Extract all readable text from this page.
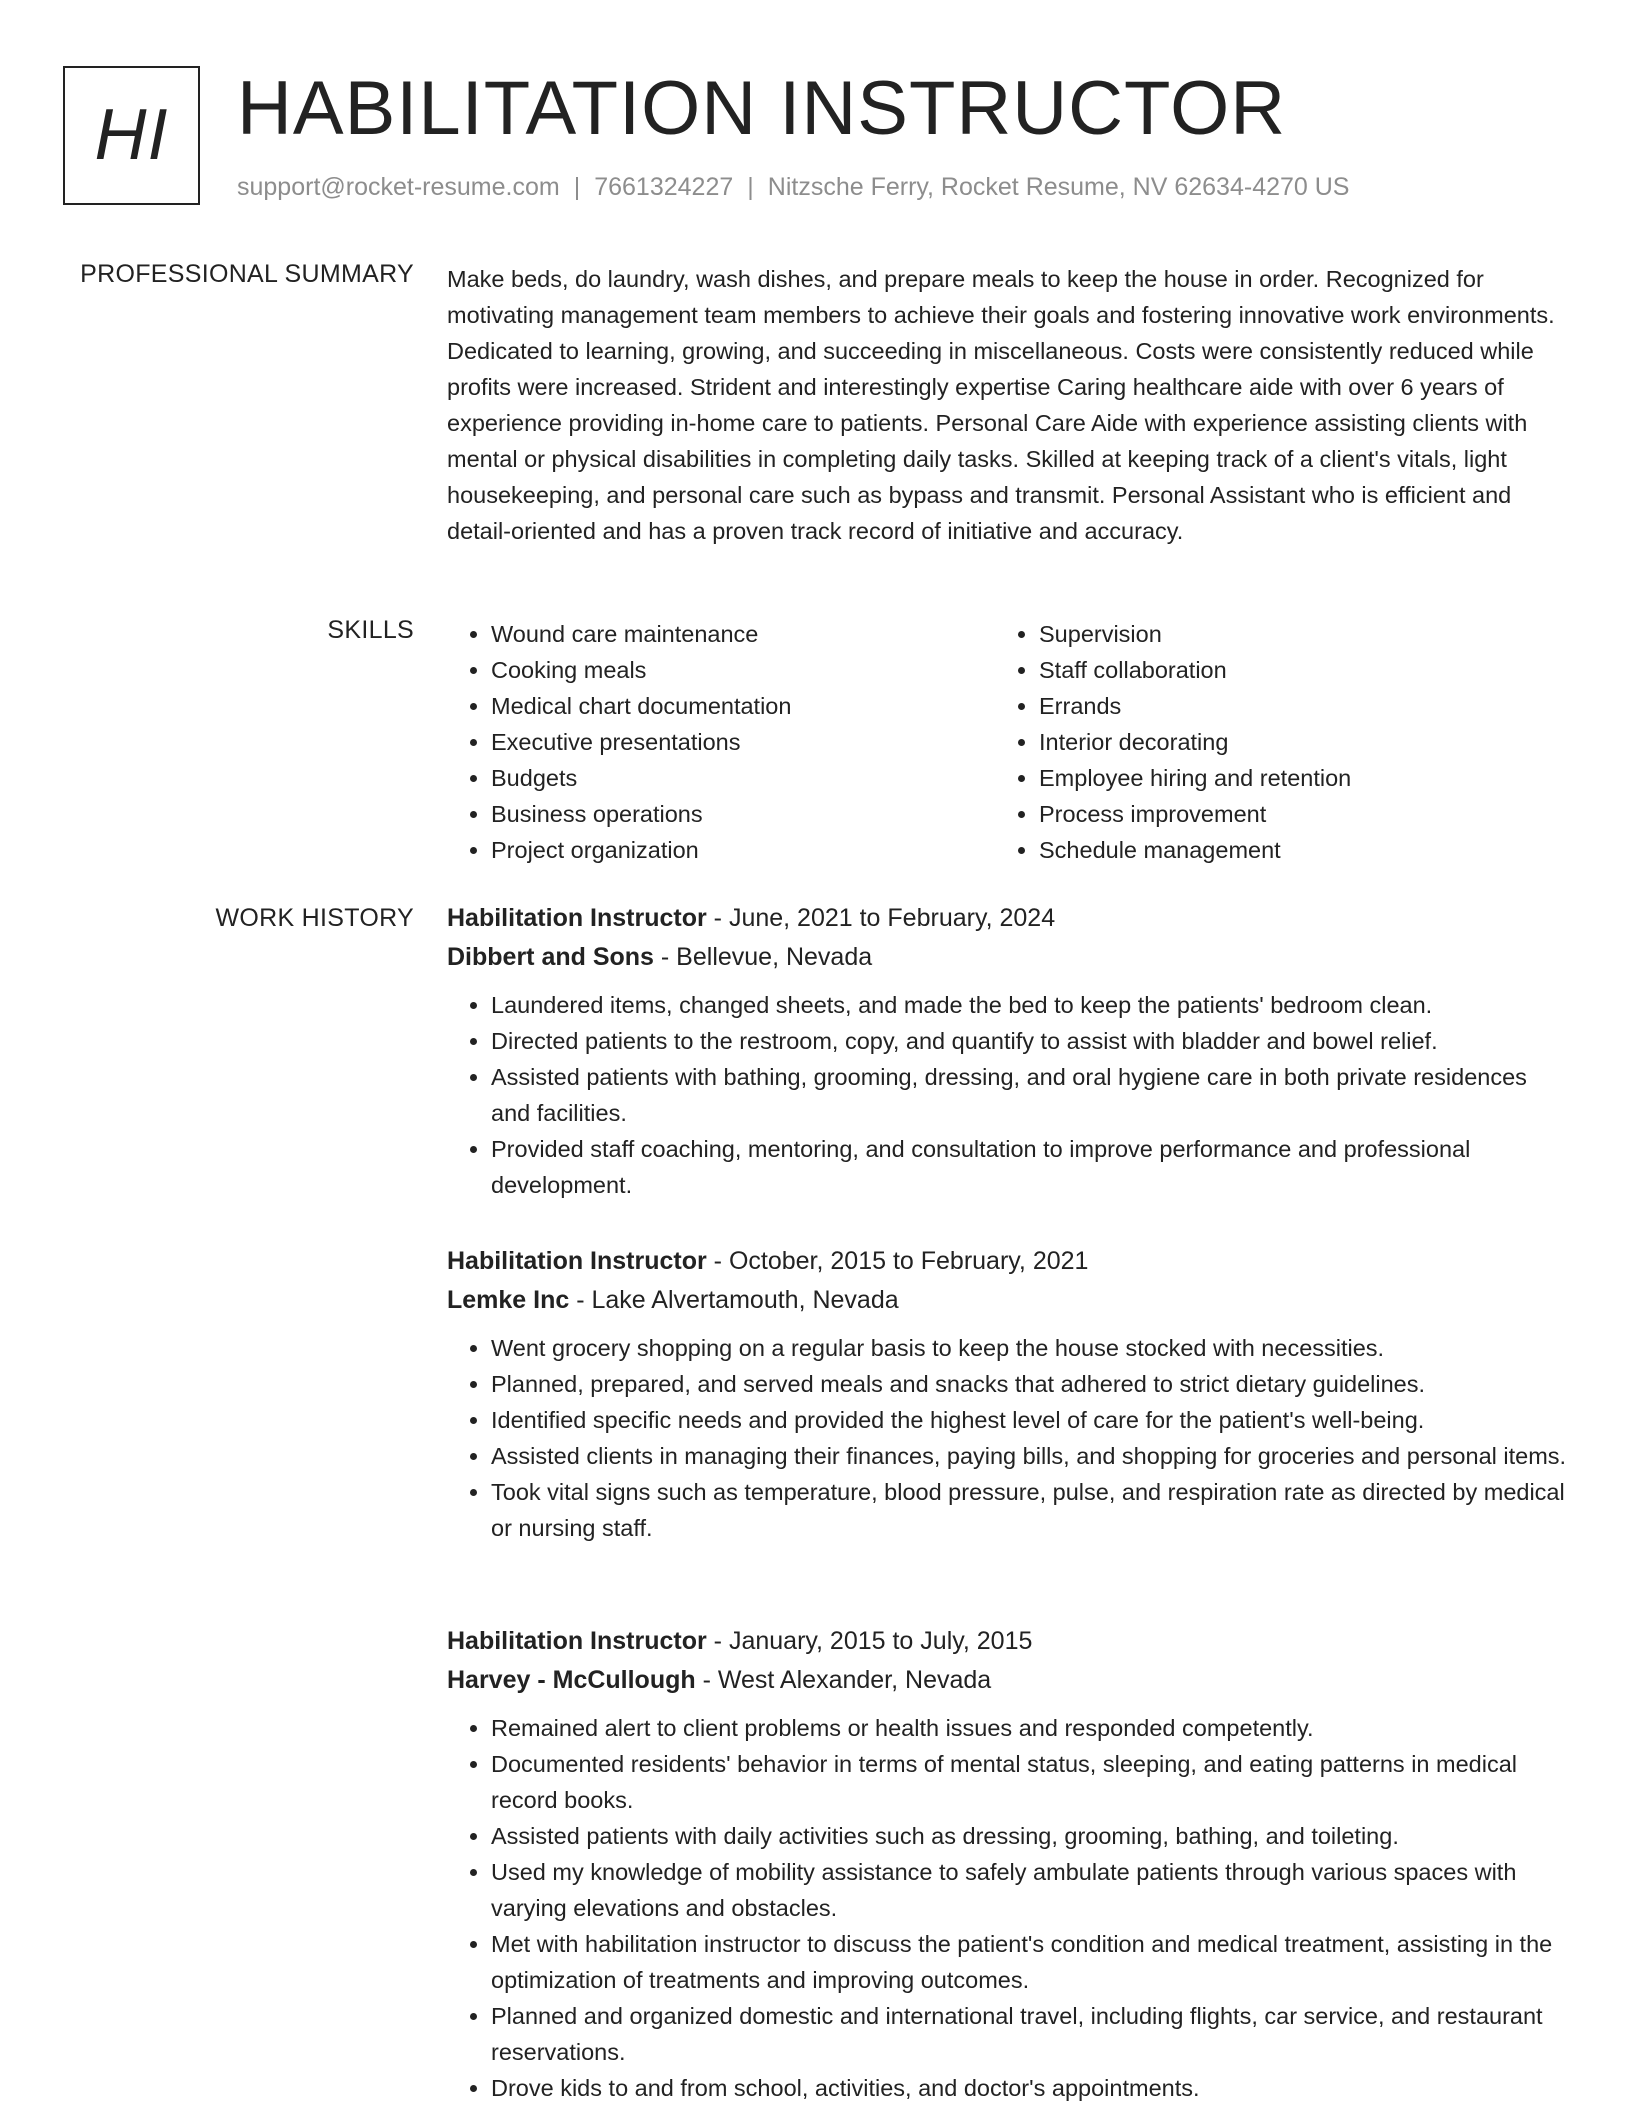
HI HABILITATION INSTRUCTOR
support@rocket-resume.com | 7661324227 | Nitzsche Ferry, Rocket Resume, NV 62634-4270 US
PROFESSIONAL SUMMARY Make beds, do laundry, wash dishes, and prepare meals to keep the house in order. Recognized for motivating management team members to achieve their goals and fostering innovative work environments. Dedicated to learning, growing, and succeeding in miscellaneous. Costs were consistently reduced while profits were increased. Strident and interestingly expertise Caring healthcare aide with over 6 years of experience providing in-home care to patients. Personal Care Aide with experience assisting clients with mental or physical disabilities in completing daily tasks. Skilled at keeping track of a client's vitals, light housekeeping, and personal care such as bypass and transmit. Personal Assistant who is efficient and detail-oriented and has a proven track record of initiative and accuracy.

SKILLS
•	Wound care maintenance
• Cooking meals
• Medical chart documentation
• Executive presentations
• Budgets
• Business operations
• Project organization
• Supervision
• Staff collaboration
• Errands
• Interior decorating
• Employee hiring and retention
• Process improvement
• Schedule management
WORK HISTORY Habilitation Instructor - June, 2021 to February, 2024
Dibbert and Sons - Bellevue, Nevada
• Laundered items, changed sheets, and made the bed to keep the patients' bedroom clean.
• Directed patients to the restroom, copy, and quantify to assist with bladder and bowel relief.
• Assisted patients with bathing, grooming, dressing, and oral hygiene care in both private residences and facilities.
• Provided staff coaching, mentoring, and consultation to improve performance and professional development.
Habilitation Instructor - October, 2015 to February, 2021
Lemke Inc - Lake Alvertamouth, Nevada
• Went grocery shopping on a regular basis to keep the house stocked with necessities.
• Planned, prepared, and served meals and snacks that adhered to strict dietary guidelines.
• Identified specific needs and provided the highest level of care for the patient's well-being.
• Assisted clients in managing their finances, paying bills, and shopping for groceries and personal items.
• Took vital signs such as temperature, blood pressure, pulse, and respiration rate as directed by medical or nursing staff.
Habilitation Instructor - January, 2015 to July, 2015
Harvey - McCullough - West Alexander, Nevada
• Remained alert to client problems or health issues and responded competently.
• Documented residents' behavior in terms of mental status, sleeping, and eating patterns in medical record books.
• Assisted patients with daily activities such as dressing, grooming, bathing, and toileting.
• Used my knowledge of mobility assistance to safely ambulate patients through various spaces with varying elevations and obstacles.
• Met with habilitation instructor to discuss the patient's condition and medical treatment, assisting in the optimization of treatments and improving outcomes.
• Planned and organized domestic and international travel, including flights, car service, and restaurant reservations.
• Drove kids to and from school, activities, and doctor's appointments.
